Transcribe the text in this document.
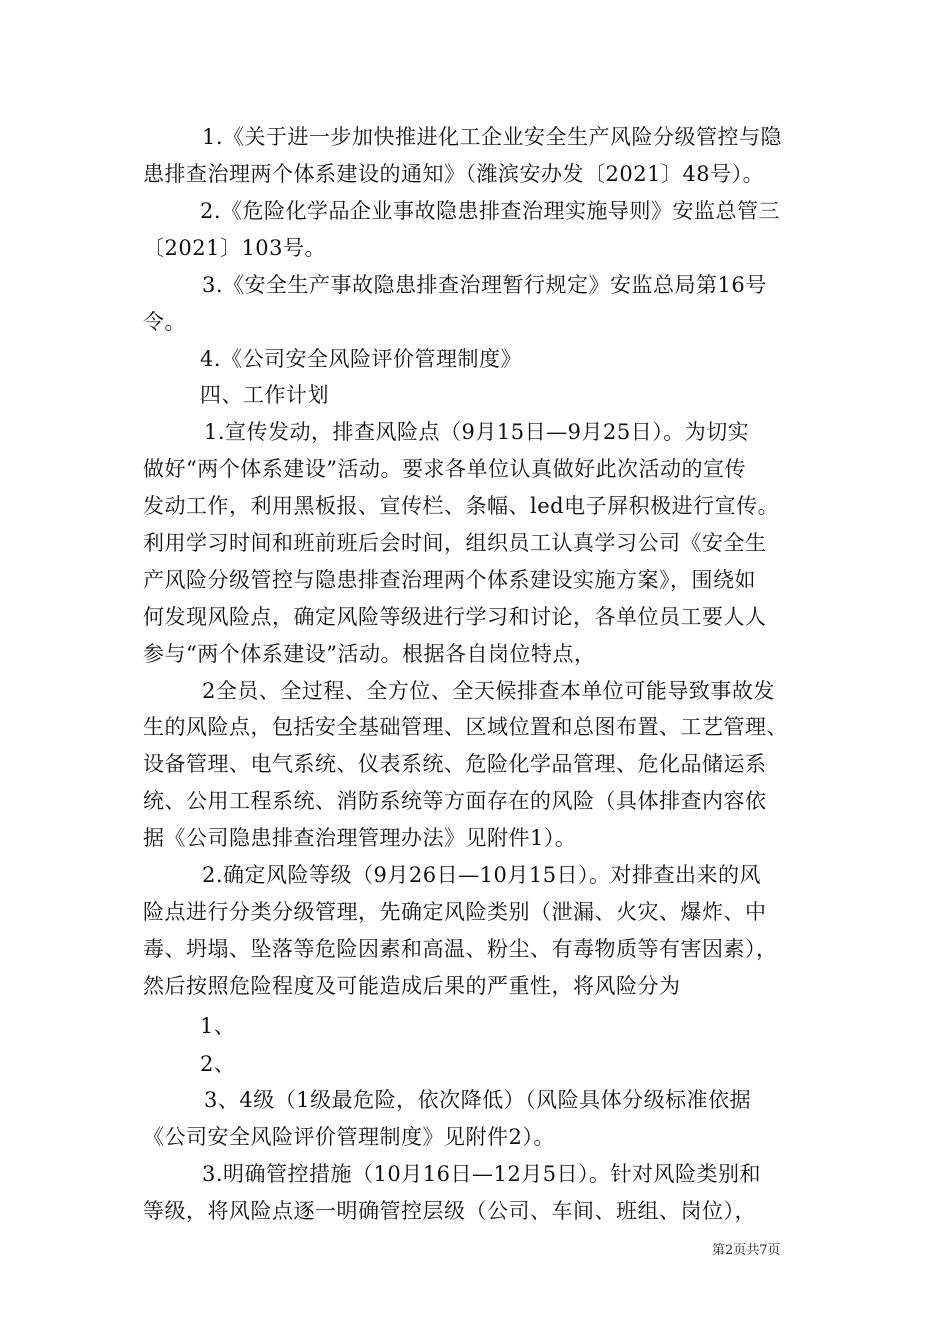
1.《关于进一步加快推进化工企业安全生产风险分级管控与隐
患排查治理两个体系建设的通知》（潍滨安办发〔2021〕48号）。
2.《危险化学品企业事故隐患排查治理实施导则》安监总管三
〔2021〕103号。
3.《安全生产事故隐患排查治理暂行规定》安监总局第16号
令。
4.《公司安全风险评价管理制度》
四、工作计划
1.宣传发动，排查风险点（9月15日—9月25日）。为切实
做好“两个体系建设”活动。要求各单位认真做好此次活动的宣传
发动工作，利用黑板报、宣传栏、条幅、led电子屏积极进行宣传。
利用学习时间和班前班后会时间，组织员工认真学习公司《安全生
产风险分级管控与隐患排查治理两个体系建设实施方案》，围绕如
何发现风险点，确定风险等级进行学习和讨论，各单位员工要人人
参与“两个体系建设”活动。根据各自岗位特点，
2全员、全过程、全方位、全天候排查本单位可能导致事故发
生的风险点，包括安全基础管理、区域位置和总图布置、工艺管理、
设备管理、电气系统、仪表系统、危险化学品管理、危化品储运系
统、公用工程系统、消防系统等方面存在的风险（具体排查内容依
据《公司隐患排查治理管理办法》见附件1）。
2.确定风险等级（9月26日—10月15日）。对排查出来的风
险点进行分类分级管理，先确定风险类别（泄漏、火灾、爆炸、中
毒、坍塌、坠落等危险因素和高温、粉尘、有毒物质等有害因素），
然后按照危险程度及可能造成后果的严重性，将风险分为
1、
2、
3、4级（1级最危险，依次降低）（风险具体分级标准依据
《公司安全风险评价管理制度》见附件2）。
3.明确管控措施（10月16日—12月5日）。针对风险类别和
等级，将风险点逐一明确管控层级（公司、车间、班组、岗位），
第2页共7页
